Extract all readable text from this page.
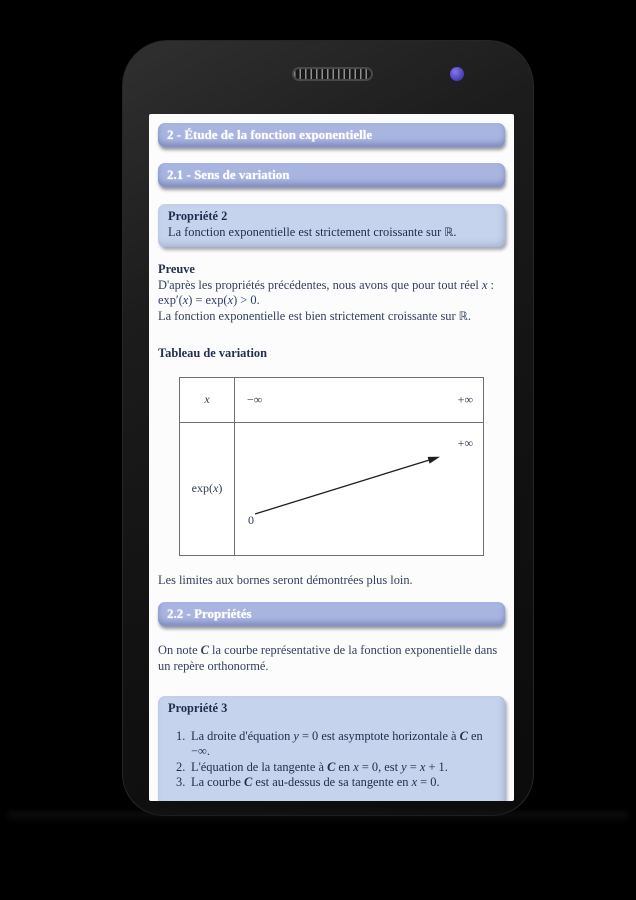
2 - Étude de la fonction exponentielle
2.1 - Sens de variation
Propriété 2
La fonction exponentielle est strictement croissante sur ℝ.
Preuve
D'après les propriétés précédentes, nous avons que pour tout réel x :
exp′(x) = exp(x) > 0.
La fonction exponentielle est bien strictement croissante sur ℝ.
Tableau de variation
x	−∞	+∞
exp( x )
+∞
0
Les limites aux bornes seront démontrées plus loin.
2.2 - Propriétés
On note C la courbe représentative de la fonction exponentielle dans
un repère orthonormé.
Propriété 3
1. La droite d'équation y = 0 est asymptote horizontale à C en
−∞.
2. L'équation de la tangente à C en x = 0, est y = x + 1.
3. La courbe C est au-dessus de sa tangente en x = 0.
